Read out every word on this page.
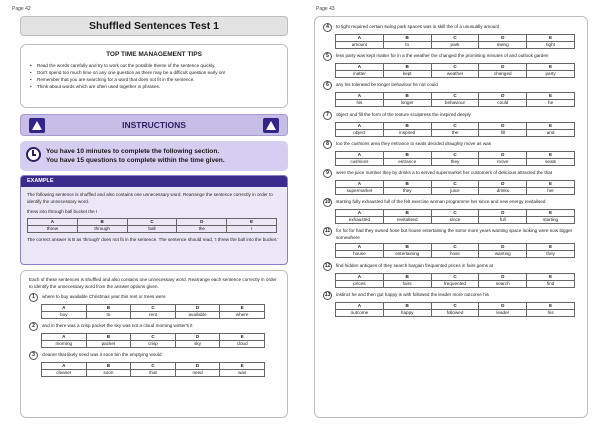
Page 42
Shuffled Sentences Test 1
TOP TIME MANAGEMENT TIPS
• Read the words carefully and try to work out the possible theme of the sentence quickly.
• Don't spend too much time on any one question as there may be a difficult question early on!
• Remember that you are searching for a word that does not fit in the sentence.
• Think about words which are often used together in phrases.
INSTRUCTIONS
You have 10 minutes to complete the following section.
You have 15 questions to complete within the time given.
EXAMPLE

The following sentence is shuffled and also contains one unnecessary word. Rearrange the sentence correctly in order to identify the unnecessary word.

threw into through ball bucket the I

A	B	C	D	E
threw	through	ball	the	I

The correct answer is B as 'through' does not fit in the sentence. The sentence should read, 'I threw the ball into the bucket.'

Each of these sentences is shuffled and also contains one unnecessary word. Rearrange each sentence correctly in order to identify the unnecessary word from the answer options given.
1	where to buy available Christmas year this rent or trees were
A	B	C	D	E
buy	to	rent	available	where
2	and in there was a crisp packet the sky was not a cloud morning winter's it
A	B	C	D	E
morning	packet	crisp	sky	cloud
3	cleaner that likely need was it soon bin the emptying would
A	B	C	D	E
cleaner	soon	that	need	was
Page 43
4	to tight required certain swing park spaces was in skill the of a unusually amount
A	B	C	D	E
amount	to	park	swing	tight
5	less party was kept matter for in a the weather the changed the promising minutes of and outlook garden
A	B	C	D	E
matter	kept	weather	changed	party
6	any his tolerated be longer behaviour he not could
A	B	C	D	E
his	longer	behaviour	could	he
7	object and fill the form of the texture sculptress the inspired deeply
A	B	C	D	E
object	inspired	the	fill	and
8	too the cushions area they entrance to seats decided draughty move as was
A	B	C	D	E
cushions	entrance	they	move	seats
9	were the juice number they by drinks a to served supermarket her customers of delicious attracted the that
A	B	C	D	E
supermarket	they	juice	drinks	her
10	starting fully exhausted full of the felt exercise woman programme her since and new energy revitalised
A	B	C	D	E
exhausted	revitalised	since	full	starting
11	for for for had they owned hose but house entertaining the some more years wanting space looking were now bigger somewhere
A	B	C	D	E
house	entertaining	hose	wanting	they
12	find hidden antiques of they search bargain frequented prices in fairs gems at
A	B	C	D	E
prices	fairs	frequented	search	find
13	instinct he and then gut happy is with followed the leader more outcome his
A	B	C	D	E
outcome	happy	followed	leader	his
